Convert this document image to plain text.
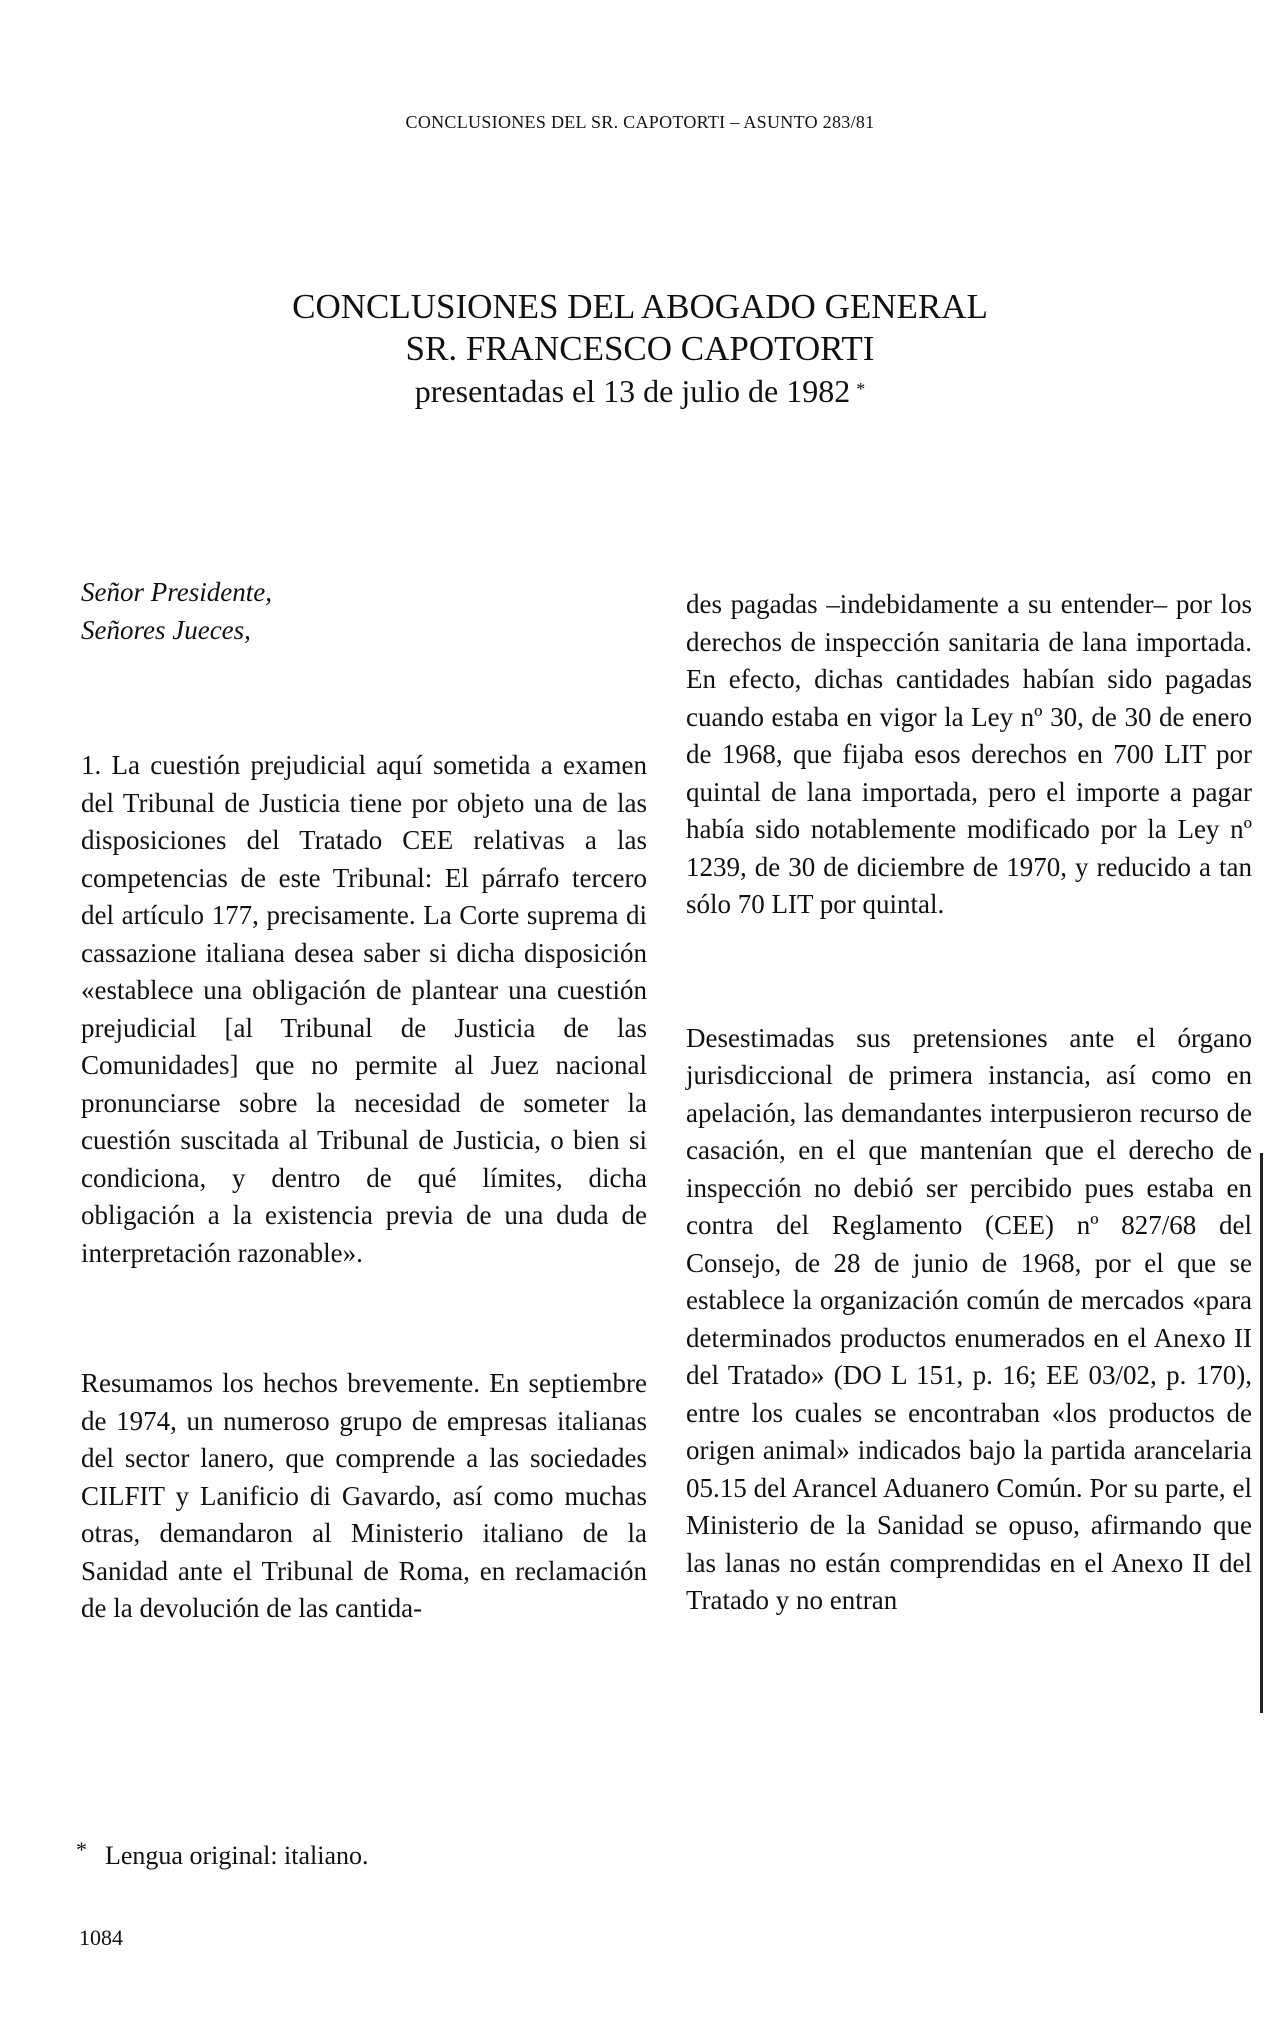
CONCLUSIONES DEL SR. CAPOTORTI – ASUNTO 283/81
CONCLUSIONES DEL ABOGADO GENERAL
SR. FRANCESCO CAPOTORTI
presentadas el 13 de julio de 1982 *

Señor Presidente,

Señores Jueces,

1. La cuestión prejudicial aquí sometida a examen del Tribunal de Justicia tiene por objeto una de las disposiciones del Tratado CEE relativas a las competencias de este Tribunal: El párrafo tercero del artículo 177, precisamente. La Corte suprema di cassazione italiana desea saber si dicha disposición «establece una obligación de plantear una cuestión prejudicial [al Tribunal de Justicia de las Comunidades] que no permite al Juez nacional pronunciarse sobre la necesidad de someter la cuestión suscitada al Tribunal de Justicia, o bien si condiciona, y dentro de qué límites, dicha obligación a la existencia previa de una duda de interpretación razonable».

Resumamos los hechos brevemente. En septiembre de 1974, un numeroso grupo de empresas italianas del sector lanero, que comprende a las sociedades CILFIT y Lanificio di Gavardo, así como muchas otras, demandaron al Ministerio italiano de la Sanidad ante el Tribunal de Roma, en reclamación de la devolución de las cantida-

des pagadas –indebidamente a su entender– por los derechos de inspección sanitaria de lana importada. En efecto, dichas cantidades habían sido pagadas cuando estaba en vigor la Ley nº 30, de 30 de enero de 1968, que fijaba esos derechos en 700 LIT por quintal de lana importada, pero el importe a pagar había sido notablemente modificado por la Ley nº 1239, de 30 de diciembre de 1970, y reducido a tan sólo 70 LIT por quintal.

Desestimadas sus pretensiones ante el órgano jurisdiccional de primera instancia, así como en apelación, las demandantes interpusieron recurso de casación, en el que mantenían que el derecho de inspección no debió ser percibido pues estaba en contra del Reglamento (CEE) nº 827/68 del Consejo, de 28 de junio de 1968, por el que se establece la organización común de mercados «para determinados productos enumerados en el Anexo II del Tratado» (DO L 151, p. 16; EE 03/02, p. 170), entre los cuales se encontraban «los productos de origen animal» indicados bajo la partida arancelaria 05.15 del Arancel Aduanero Común. Por su parte, el Ministerio de la Sanidad se opuso, afirmando que las lanas no están comprendidas en el Anexo II del Tratado y no entran

* Lengua original: italiano.
1084
